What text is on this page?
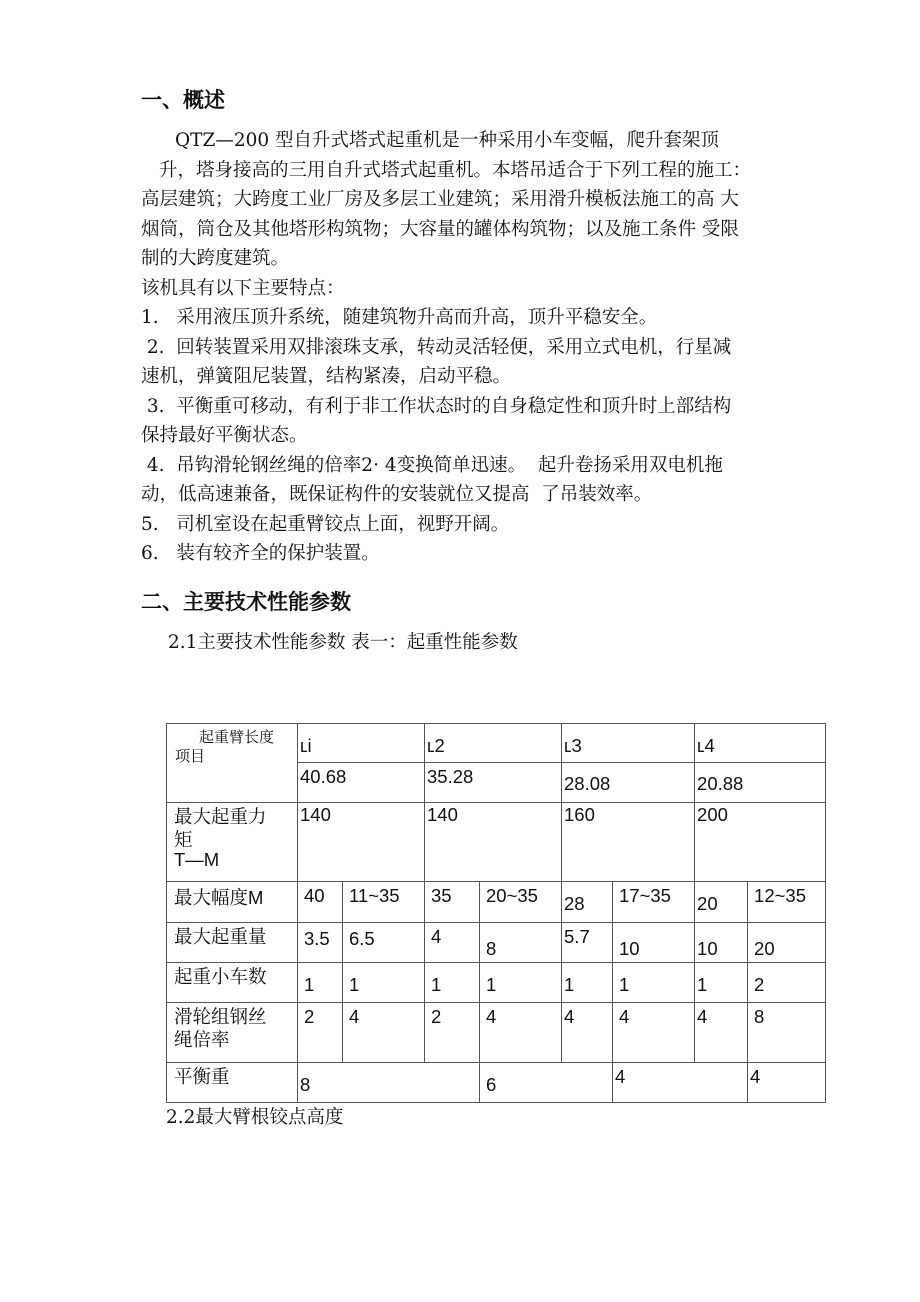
一、概述
QTZ—200 型自升式塔式起重机是一种采用小车变幅，爬升套架顶
升，塔身接高的三用自升式塔式起重机。本塔吊适合于下列工程的施工：
高层建筑；大跨度工业厂房及多层工业建筑；采用滑升模板法施工的高 大
烟筒，筒仓及其他塔形构筑物；大容量的罐体构筑物；以及施工条件 受限
制的大跨度建筑。
该机具有以下主要特点：
1.   采用液压顶升系统，随建筑物升高而升高，顶升平稳安全。
2.  回转装置采用双排滚珠支承，转动灵活轻便，采用立式电机，行星减
速机，弹簧阻尼装置，结构紧凑，启动平稳。
3.  平衡重可移动，有利于非工作状态时的自身稳定性和顶升时上部结构
保持最好平衡状态。
4.  吊钩滑轮钢丝绳的倍率2· 4变换简单迅速。  起升卷扬采用双电机拖
动，低高速兼备，既保证构件的安装就位又提高  了吊装效率。
5.   司机室设在起重臂铰点上面，视野开阔。
6.   装有较齐全的保护装置。
二、主要技术性能参数
2.1主要技术性能参数 表一：起重性能参数
起重臂长度
项目	ʟi		ʟ2		ʟ3		ʟ4	
	40.68		35.28		28.08		20.88	

最大起重力
矩
T—M	140		140		160		200	
最大幅度M	40	11~35	35	20~35	28	17~35	20	12~35
最大起重量	3.5	6.5	4	8	5.7	10	10	20
起重小车数	1	1	1	1	1	1	1	2

滑轮组钢丝
绳倍率	2	4	2	4	4	4	4	8
平衡重	8			6		4		4
2.2最大臂根铰点高度
